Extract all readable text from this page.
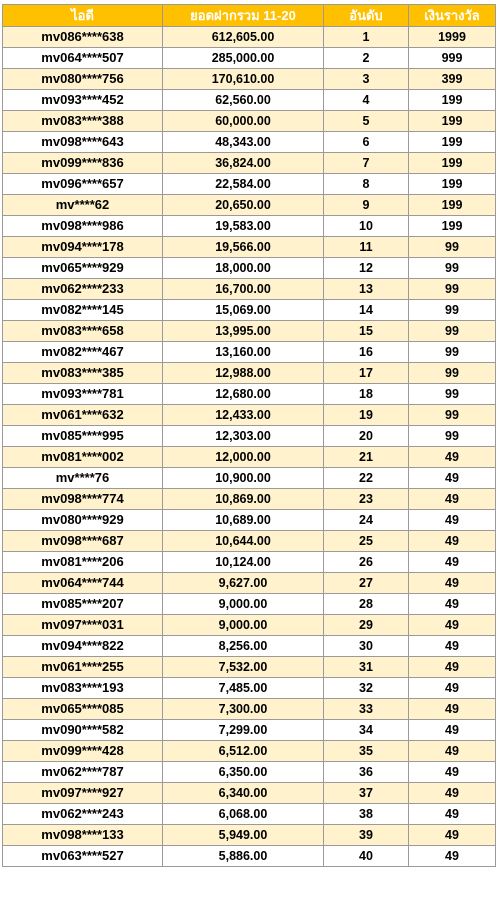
ไอดี	ยอดฝากรวม 11-20	อันดับ	เงินรางวัล
mv086****638	612,605.00	1	1999
mv064****507	285,000.00	2	999
mv080****756	170,610.00	3	399
mv093****452	62,560.00	4	199
mv083****388	60,000.00	5	199
mv098****643	48,343.00	6	199
mv099****836	36,824.00	7	199
mv096****657	22,584.00	8	199
mv****62	20,650.00	9	199
mv098****986	19,583.00	10	199
mv094****178	19,566.00	11	99
mv065****929	18,000.00	12	99
mv062****233	16,700.00	13	99
mv082****145	15,069.00	14	99
mv083****658	13,995.00	15	99
mv082****467	13,160.00	16	99
mv083****385	12,988.00	17	99
mv093****781	12,680.00	18	99
mv061****632	12,433.00	19	99
mv085****995	12,303.00	20	99
mv081****002	12,000.00	21	49
mv****76	10,900.00	22	49
mv098****774	10,869.00	23	49
mv080****929	10,689.00	24	49
mv098****687	10,644.00	25	49
mv081****206	10,124.00	26	49
mv064****744	9,627.00	27	49
mv085****207	9,000.00	28	49
mv097****031	9,000.00	29	49
mv094****822	8,256.00	30	49
mv061****255	7,532.00	31	49
mv083****193	7,485.00	32	49
mv065****085	7,300.00	33	49
mv090****582	7,299.00	34	49
mv099****428	6,512.00	35	49
mv062****787	6,350.00	36	49
mv097****927	6,340.00	37	49
mv062****243	6,068.00	38	49
mv098****133	5,949.00	39	49
mv063****527	5,886.00	40	49
